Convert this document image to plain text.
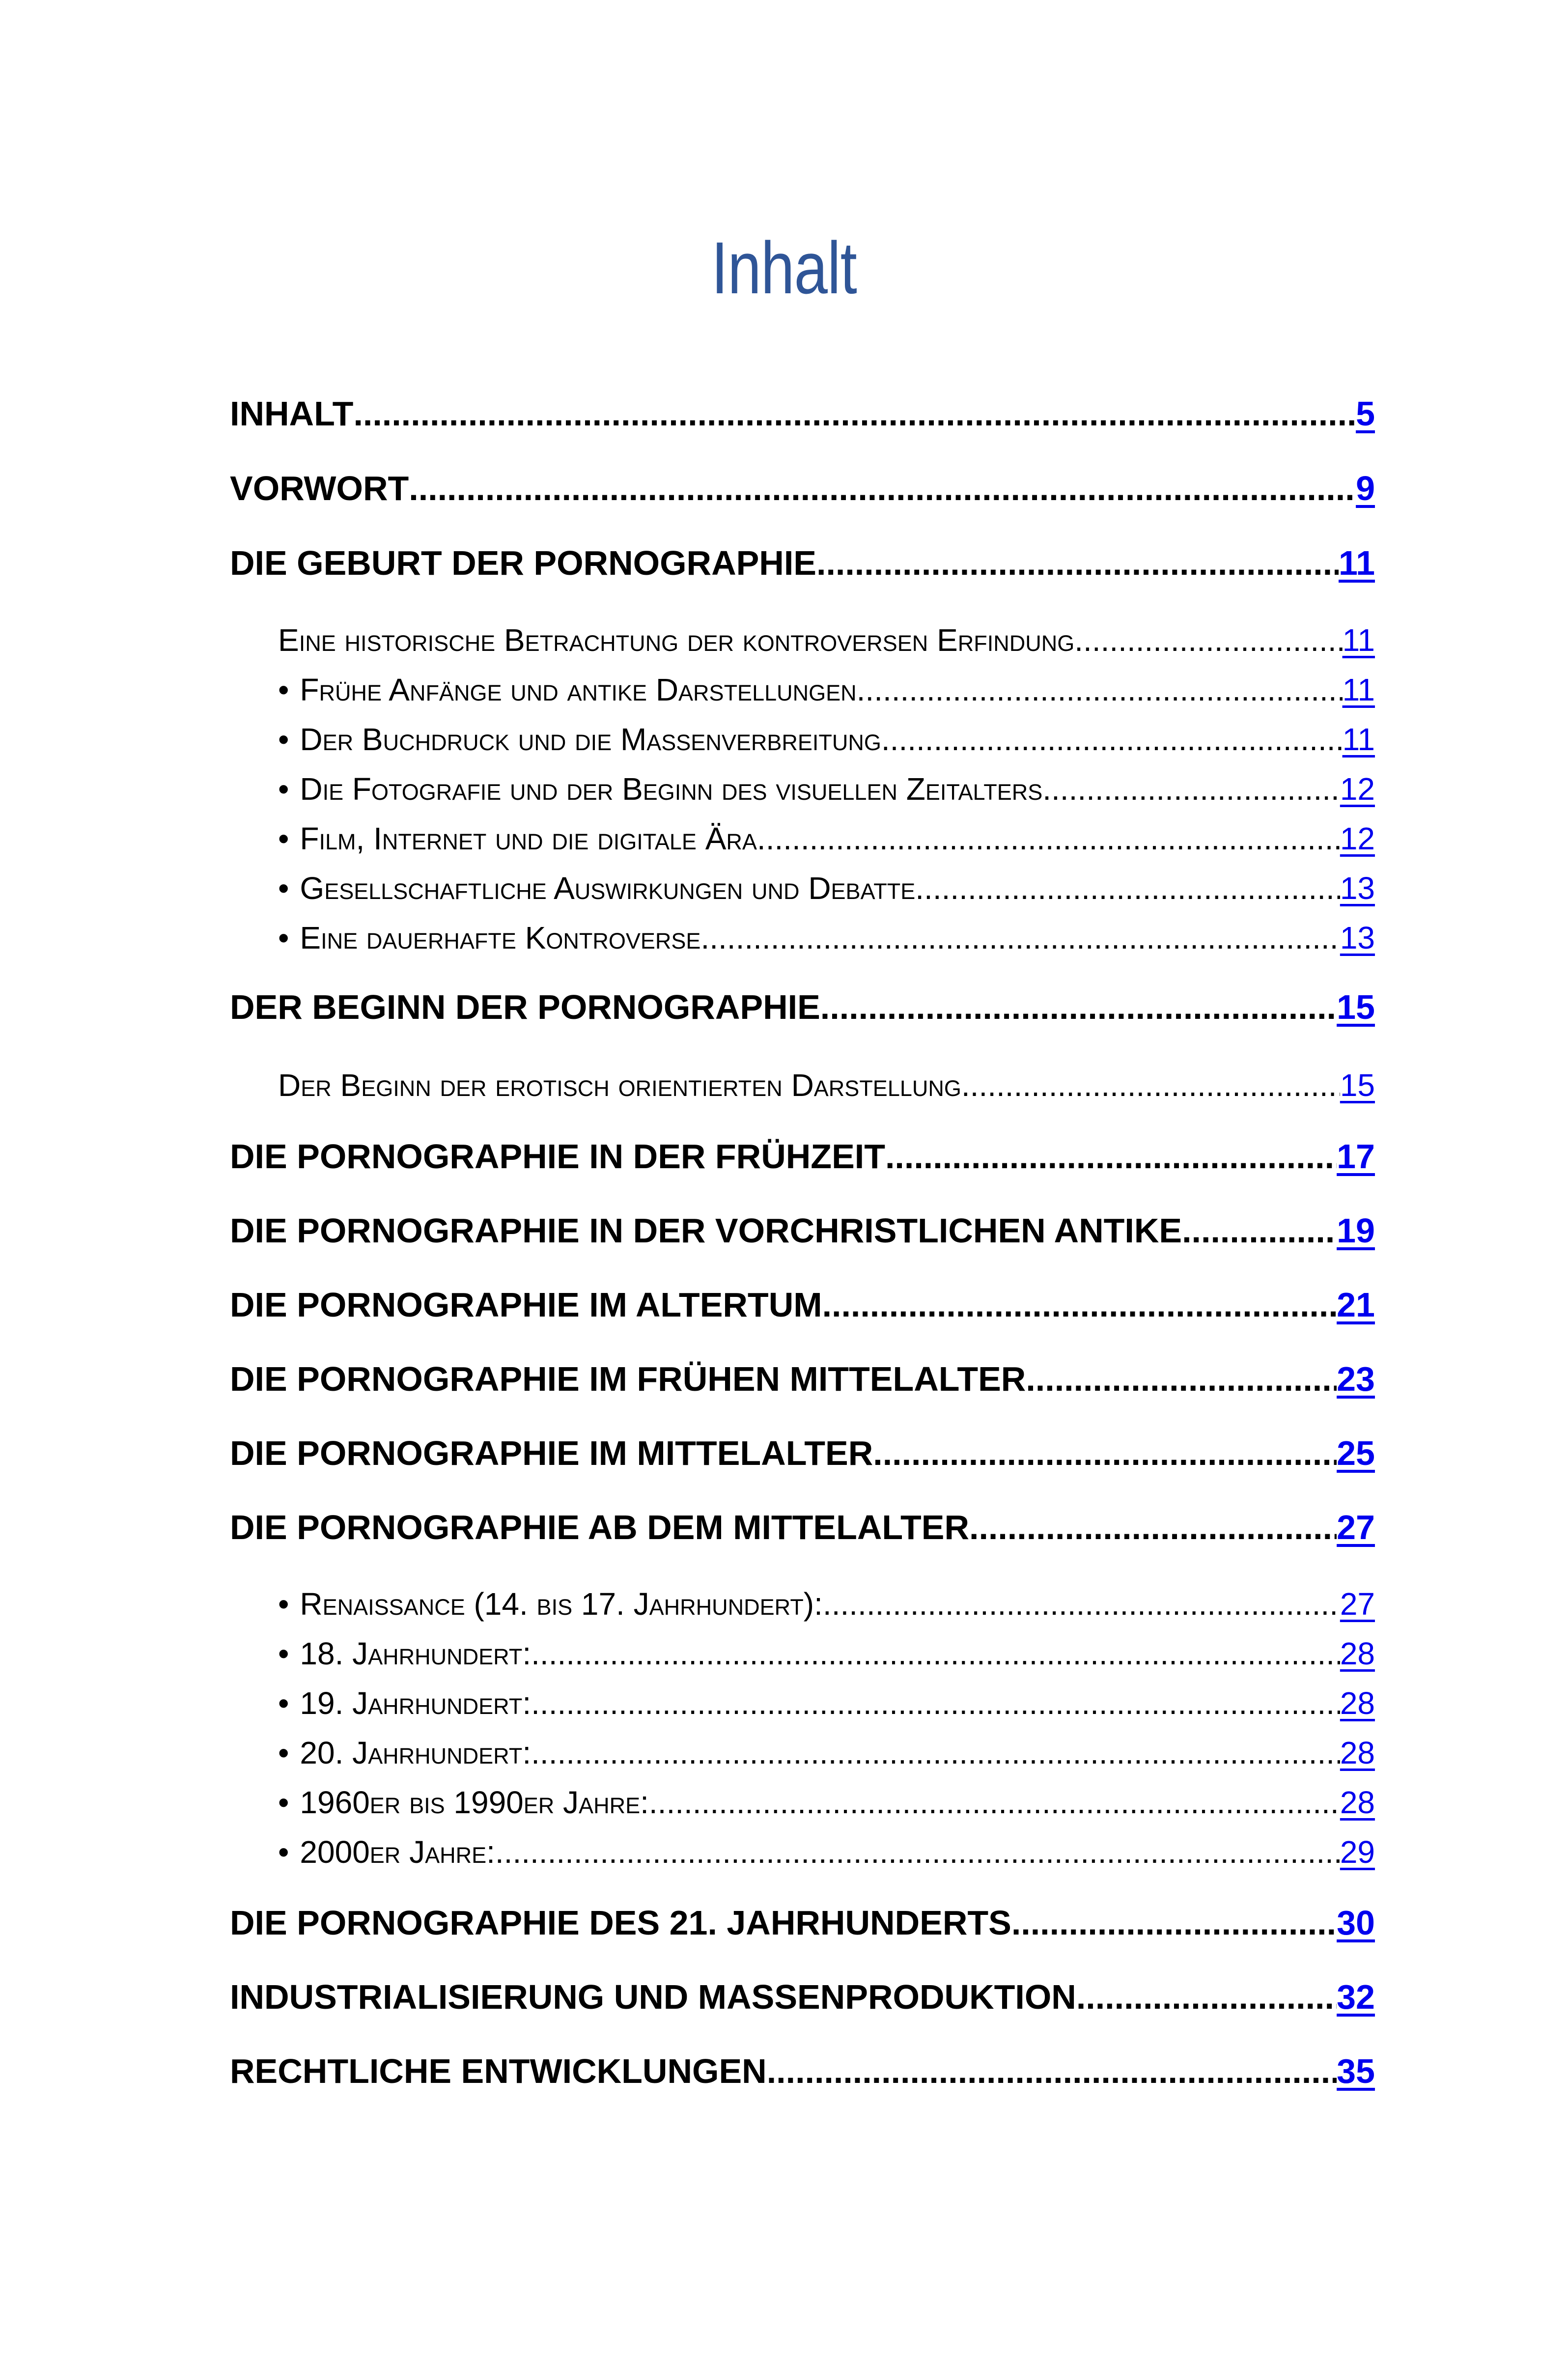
Inhalt
INHALT .....	5
VORWORT .....	9
DIE GEBURT DER PORNOGRAPHIE .....	11
Eine historische Betrachtung der kontroversen Erfindung .....	11
• Frühe Anfänge und antike Darstellungen .....	11
• Der Buchdruck und die Massenverbreitung .....	11
• Die Fotografie und der Beginn des visuellen Zeitalters .....	12
• Film, Internet und die digitale Ära .....	12
• Gesellschaftliche Auswirkungen und Debatte .....	13
• Eine dauerhafte Kontroverse .....	13
DER BEGINN DER PORNOGRAPHIE .....	15
Der Beginn der erotisch orientierten Darstellung .....	15
DIE PORNOGRAPHIE IN DER FRÜHZEIT .....	17
DIE PORNOGRAPHIE IN DER VORCHRISTLICHEN ANTIKE .....	19
DIE PORNOGRAPHIE IM ALTERTUM .....	21
DIE PORNOGRAPHIE IM FRÜHEN MITTELALTER .....	23
DIE PORNOGRAPHIE IM MITTELALTER .....	25
DIE PORNOGRAPHIE AB DEM MITTELALTER .....	27
• Renaissance (14. bis 17. Jahrhundert): .....	27
• 18. Jahrhundert: .....	28
• 19. Jahrhundert: .....	28
• 20. Jahrhundert: .....	28
• 1960er bis 1990er Jahre: .....	28
• 2000er Jahre: .....	29
DIE PORNOGRAPHIE DES 21. JAHRHUNDERTS .....	30
INDUSTRIALISIERUNG UND MASSENPRODUKTION .....	32
RECHTLICHE ENTWICKLUNGEN .....	35
